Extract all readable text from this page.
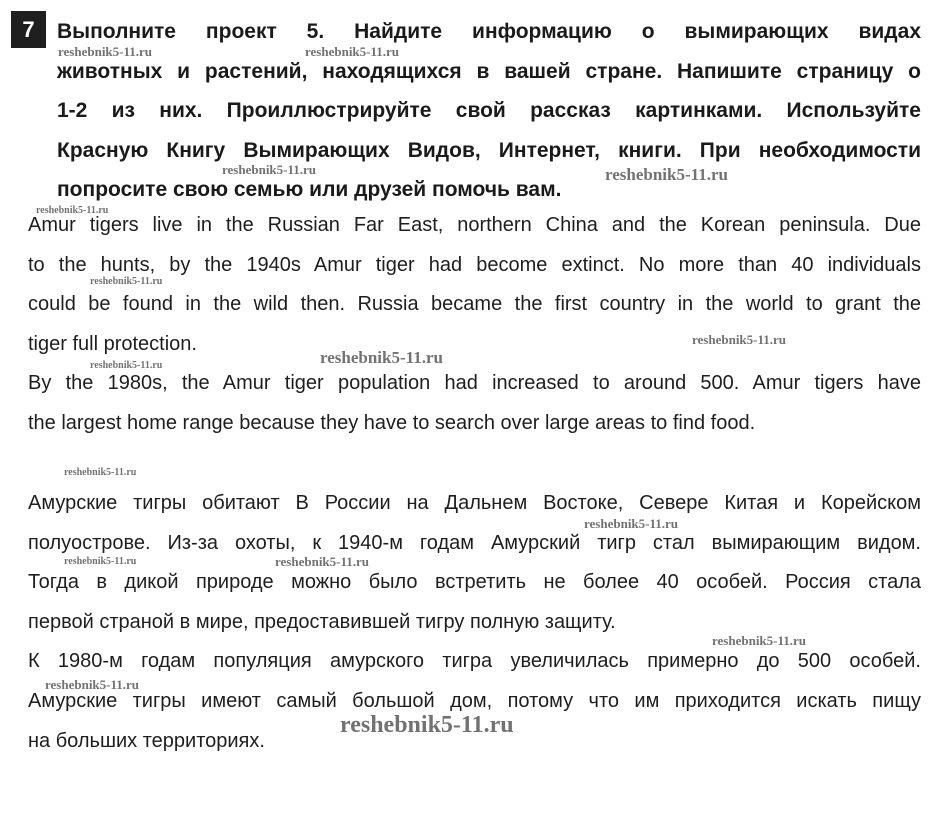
7	Выполните проект 5. Найдите информацию о вымирающих видах
животных и растений, находящихся в вашей стране. Напишите страницу о
1-2 из них. Проиллюстрируйте свой рассказ картинками. Используйте
Красную Книгу Вымирающих Видов, Интернет, книги. При необходимости
попросите свою семью или друзей помочь вам.
Amur tigers live in the Russian Far East, northern China and the Korean peninsula. Due
to the hunts, by the 1940s Amur tiger had become extinct. No more than 40 individuals
could be found in the wild then. Russia became the first country in the world to grant the
tiger full protection.
By the 1980s, the Amur tiger population had increased to around 500. Amur tigers have
the largest home range because they have to search over large areas to find food.
Амурские тигры обитают В России на Дальнем Востоке, Севере Китая и Корейском
полуострове. Из-за охоты, к 1940-м годам Амурский тигр стал вымирающим видом.
Тогда в дикой природе можно было встретить не более 40 особей. Россия стала
первой страной в мире, предоставившей тигру полную защиту.
К 1980-м годам популяция амурского тигра увеличилась примерно до 500 особей.
Амурские тигры имеют самый большой дом, потому что им приходится искать пищу
на больших территориях.
reshebnik5-11.ru	reshebnik5-11.ru
reshebnik5-11.ru	reshebnik5-11.ru
reshebnik5-11.ru
reshebnik5-11.ru
reshebnik5-11.ru
reshebnik5-11.ru	reshebnik5-11.ru
reshebnik5-11.ru
reshebnik5-11.ru
reshebnik5-11.ru	reshebnik5-11.ru
reshebnik5-11.ru
reshebnik5-11.ru
reshebnik5-11.ru
